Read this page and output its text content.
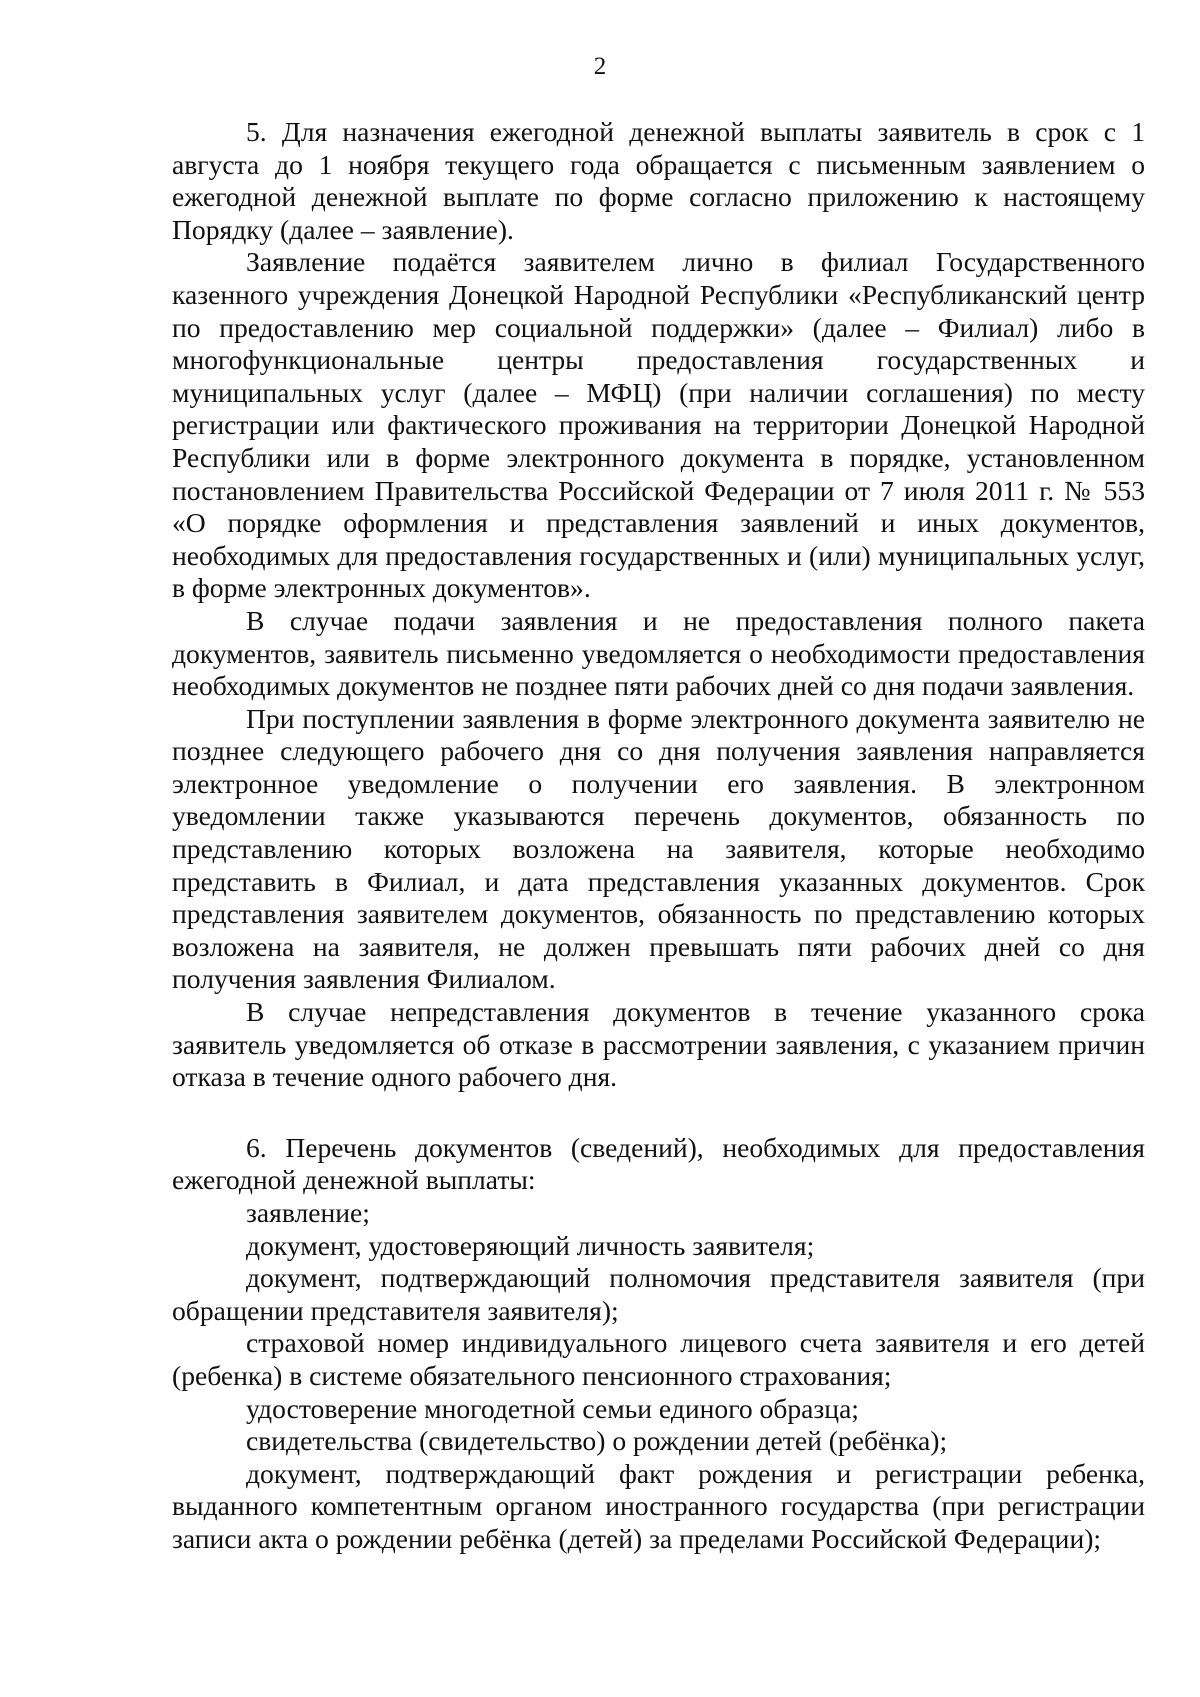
2

5. Для назначения ежегодной денежной выплаты заявитель в срок с 1 августа до 1 ноября текущего года обращается с письменным заявлением о ежегодной денежной выплате по форме согласно приложению к настоящему Порядку (далее – заявление).

Заявление подаётся заявителем лично в филиал Государственного казенного учреждения Донецкой Народной Республики «Республиканский центр по предоставлению мер социальной поддержки» (далее – Филиал) либо в многофункциональные центры предоставления государственных и муниципальных услуг (далее – МФЦ) (при наличии соглашения) по месту регистрации или фактического проживания на территории Донецкой Народной Республики или в форме электронного документа в порядке, установленном постановлением Правительства Российской Федерации от 7 июля 2011 г. № 553 «О порядке оформления и представления заявлений и иных документов, необходимых для предоставления государственных и (или) муниципальных услуг, в форме электронных документов».

В случае подачи заявления и не предоставления полного пакета документов, заявитель письменно уведомляется о необходимости предоставления необходимых документов не позднее пяти рабочих дней со дня подачи заявления.

При поступлении заявления в форме электронного документа заявителю не позднее следующего рабочего дня со дня получения заявления направляется электронное уведомление о получении его заявления. В электронном уведомлении также указываются перечень документов, обязанность по представлению которых возложена на заявителя, которые необходимо представить в Филиал, и дата представления указанных документов. Срок представления заявителем документов, обязанность по представлению которых возложена на заявителя, не должен превышать пяти рабочих дней со дня получения заявления Филиалом.

В случае непредставления документов в течение указанного срока заявитель уведомляется об отказе в рассмотрении заявления, с указанием причин отказа в течение одного рабочего дня.

6. Перечень документов (сведений), необходимых для предоставления ежегодной денежной выплаты:

заявление;

документ, удостоверяющий личность заявителя;

документ, подтверждающий полномочия представителя заявителя (при обращении представителя заявителя);

страховой номер индивидуального лицевого счета заявителя и его детей (ребенка) в системе обязательного пенсионного страхования;

удостоверение многодетной семьи единого образца;

свидетельства (свидетельство) о рождении детей (ребёнка);

документ, подтверждающий факт рождения и регистрации ребенка, выданного компетентным органом иностранного государства (при регистрации записи акта о рождении ребёнка (детей) за пределами Российской Федерации);
